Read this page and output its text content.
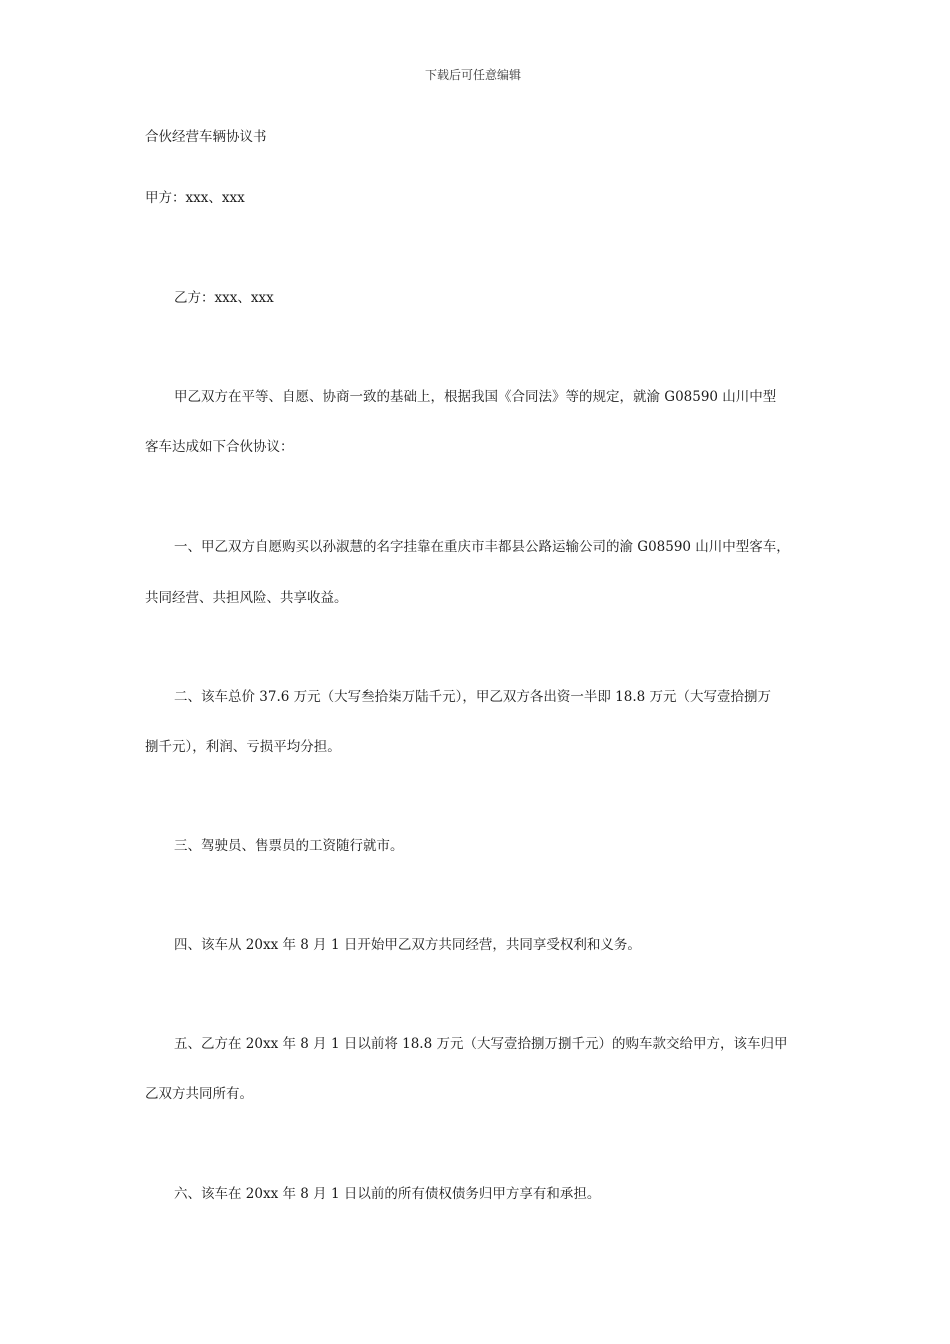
下载后可任意编辑
合伙经营车辆协议书
甲方：xxx、xxx
乙方：xxx、xxx
甲乙双方在平等、自愿、协商一致的基础上，根据我国《合同法》等的规定，就渝 G08590 山川中型
客车达成如下合伙协议：
一、甲乙双方自愿购买以孙淑慧的名字挂靠在重庆市丰都县公路运输公司的渝 G08590 山川中型客车，
共同经营、共担风险、共享收益。
二、该车总价 37.6 万元（大写叁拾柒万陆千元），甲乙双方各出资一半即 18.8 万元（大写壹拾捌万
捌千元），利润、亏损平均分担。
三、驾驶员、售票员的工资随行就市。
四、该车从 20xx 年 8 月 1 日开始甲乙双方共同经营，共同享受权利和义务。
五、乙方在 20xx 年 8 月 1 日以前将 18.8 万元（大写壹拾捌万捌千元）的购车款交给甲方，该车归甲
乙双方共同所有。
六、该车在 20xx 年 8 月 1 日以前的所有债权债务归甲方享有和承担。
